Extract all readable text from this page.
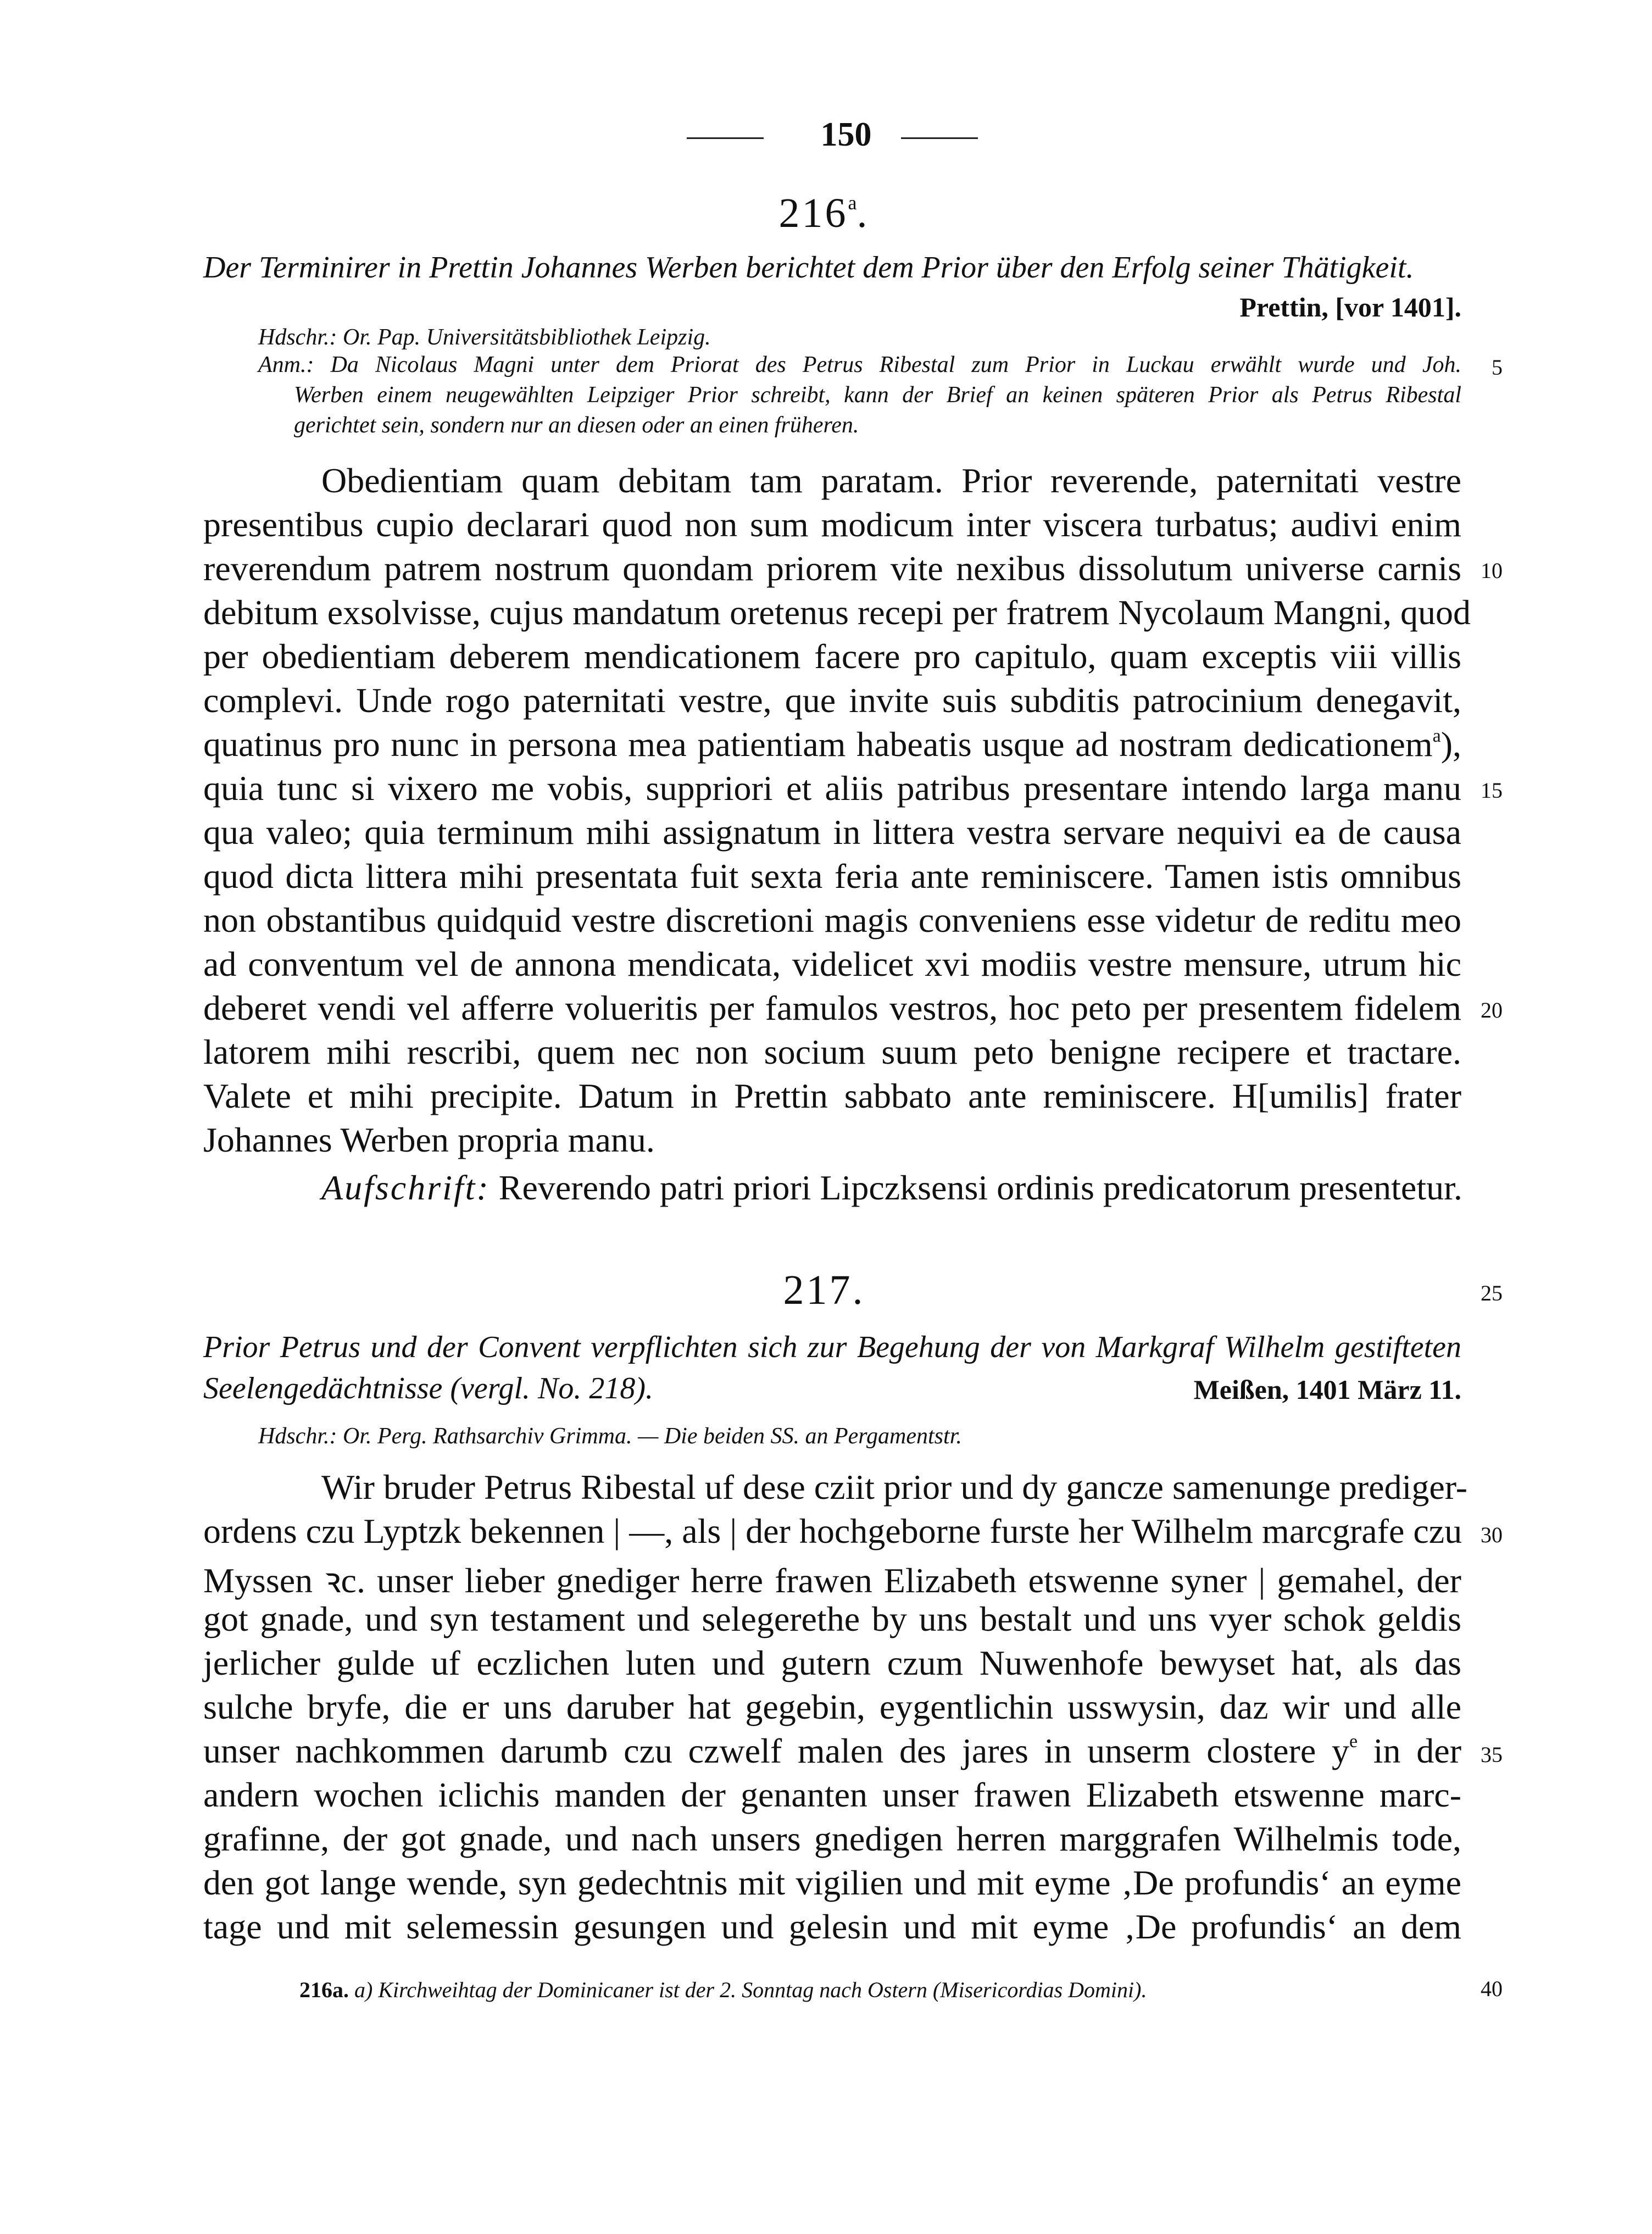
150
216$^a$.
Der Terminirer in Prettin Johannes Werben berichtet dem Prior über den Erfolg seiner Thätigkeit.
Prettin, [vor 1401].
Hdschr.: Or. Pap. Universitätsbibliothek Leipzig.
Anm.: Da Nicolaus Magni unter dem Priorat des Petrus Ribestal zum Prior in Luckau erwählt wurde und Joh.
Werben einem neugewählten Leipziger Prior schreibt, kann der Brief an keinen späteren Prior als Petrus Ribestal
gerichtet sein, sondern nur an diesen oder an einen früheren.
Obedientiam quam debitam tam paratam. Prior reverende, paternitati vestre
presentibus cupio declarari quod non sum modicum inter viscera turbatus; audivi enim
reverendum patrem nostrum quondam priorem vite nexibus dissolutum universe carnis
debitum exsolvisse, cujus mandatum oretenus recepi per fratrem Nycolaum Mangni, quod
per obedientiam deberem mendicationem facere pro capitulo, quam exceptis viii villis
complevi. Unde rogo paternitati vestre, que invite suis subditis patrocinium denegavit,
quatinus pro nunc in persona mea patientiam habeatis usque ad nostram dedicationem$^a$),
quia tunc si vixero me vobis, suppriori et aliis patribus presentare intendo larga manu
qua valeo; quia terminum mihi assignatum in littera vestra servare nequivi ea de causa
quod dicta littera mihi presentata fuit sexta feria ante reminiscere. Tamen istis omnibus
non obstantibus quidquid vestre discretioni magis conveniens esse videtur de reditu meo
ad conventum vel de annona mendicata, videlicet xvi modiis vestre mensure, utrum hic
deberet vendi vel afferre volueritis per famulos vestros, hoc peto per presentem fidelem
latorem mihi rescribi, quem nec non socium suum peto benigne recipere et tractare.
Valete et mihi precipite. Datum in Prettin sabbato ante reminiscere. H[umilis] frater
Johannes Werben propria manu.
Aufschrift: Reverendo patri priori Lipczksensi ordinis predicatorum presentetur.
217.
Prior Petrus und der Convent verpflichten sich zur Begehung der von Markgraf Wilhelm gestifteten
Seelengedächtnisse (vergl. No. 218).	Meißen, 1401 März 11.
Hdschr.: Or. Perg. Rathsarchiv Grimma. — Die beiden SS. an Pergamentstr.
Wir bruder Petrus Ribestal uf dese cziit prior und dy gancze samenunge prediger-
ordens czu Lyptzk bekennen | —, als | der hochgeborne furste her Wilhelm marcgrafe czu
Myssen ꝛc. unser lieber gnediger herre frawen Elizabeth etswenne syner | gemahel, der
got gnade, und syn testament und selegerethe by uns bestalt und uns vyer schok geldis
jerlicher gulde uf eczlichen luten und gutern czum Nuwenhofe bewyset hat, als das
sulche bryfe, die er uns daruber hat gegebin, eygentlichin usswysin, daz wir und alle
unser nachkommen darumb czu czwelf malen des jares in unserm clostere $y^e$ in der
andern wochen iclichis manden der genanten unser frawen Elizabeth etswenne marc-
grafinne, der got gnade, und nach unsers gnedigen herren marggrafen Wilhelmis tode,
den got lange wende, syn gedechtnis mit vigilien und mit eyme ‚De profundis‘ an eyme
tage und mit selemessin gesungen und gelesin und mit eyme ‚De profundis‘ an dem
216a. a) Kirchweihtag der Dominicaner ist der 2. Sonntag nach Ostern (Misericordias Domini).
5
10
15
20
25
30
35
40
